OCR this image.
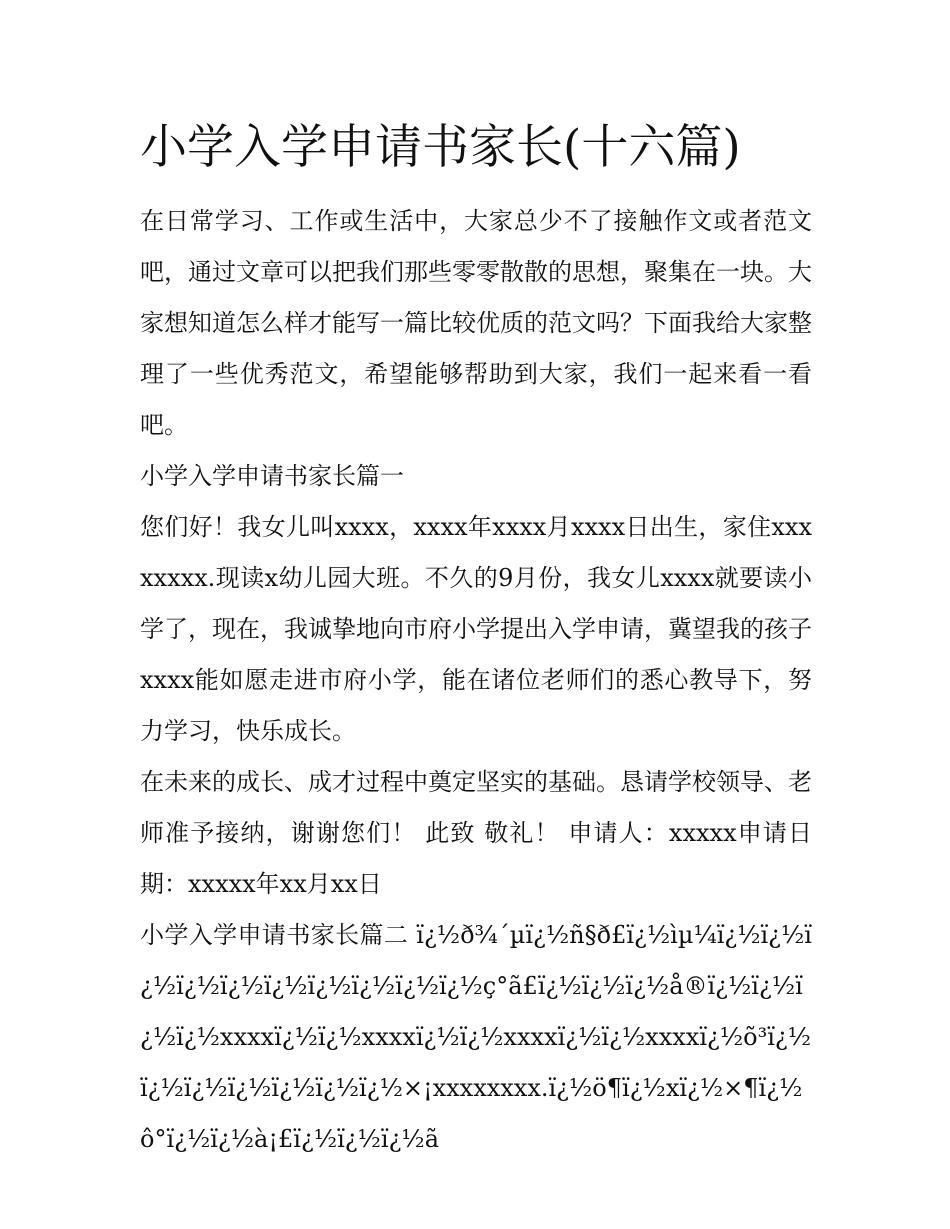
小学入学申请书家长(十六篇)

在日常学习、工作或生活中，大家总少不了接触作文或者范文吧，通过文章可以把我们那些零零散散的思想，聚集在一块。大家想知道怎么样才能写一篇比较优质的范文吗？下面我给大家整理了一些优秀范文，希望能够帮助到大家，我们一起来看一看吧。

小学入学申请书家长篇一

您们好！我女儿叫xxxx，xxxx年xxxx月xxxx日出生，家住xxxxxxxx.现读x幼儿园大班。不久的9月份，我女儿xxxx就要读小学了，现在，我诚挚地向市府小学提出入学申请，冀望我的孩子xxxx能如愿走进市府小学，能在诸位老师们的悉心教导下，努力学习，快乐成长。

在未来的成长、成才过程中奠定坚实的基础。恳请学校领导、老师准予接纳，谢谢您们！ 此致 敬礼！ 申请人：xxxxx申请日期：xxxxx年xx月xx日

小学入学申请书家长篇二 ï¿½ð¾´µï¿½ñ§ð£ï¿½ìµ¼ï¿½ï¿½ï¿½ï¿½ï¿½ï¿½ï¿½ï¿½ï¿½ï¿½ç°ã£ï¿½ï¿½ï¿½å®ï¿½ï¿½ï¿½ï¿½xxxxï¿½ï¿½xxxxï¿½ï¿½xxxxï¿½ï¿½xxxxï¿½õ³ï¿½ï¿½ï¿½ï¿½ï¿½ï¿½ï¿½×¡xxxxxxxx.ï¿½ö¶ï¿½xï¿½×¶ï¿½ô°ï¿½ï¿½à¡£ï¿½ï¿½ï¿½ã
